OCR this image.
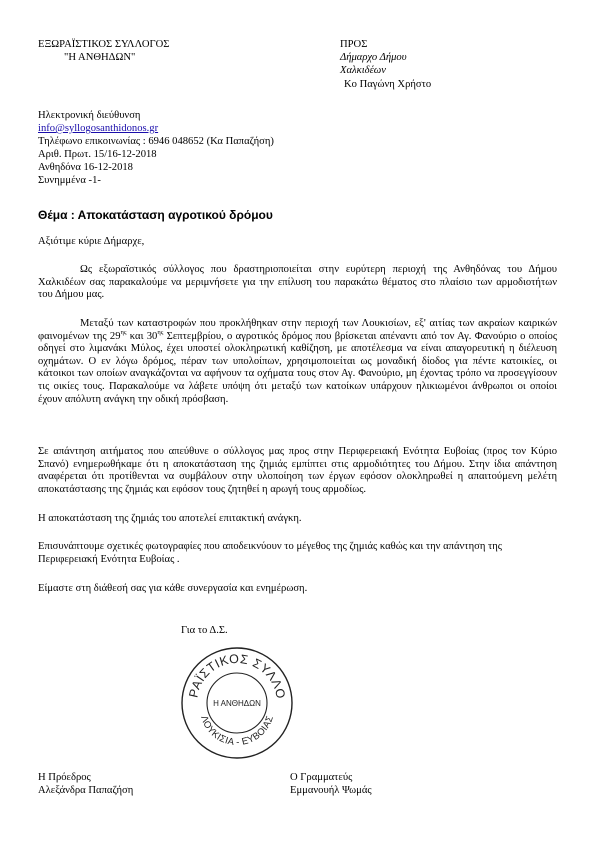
ΕΞΩΡΑΪΣΤΙΚΟΣ ΣΥΛΛΟΓΟΣ
"Η ΑΝΘΗΔΩΝ"
ΠΡΟΣ
Δήμαρχο Δήμου
Χαλκιδέων
Κο Παγώνη Χρήστο
Ηλεκτρονική διεύθυνση
info@syllogosanthidonos.gr
Τηλέφωνο επικοινωνίας : 6946 048652 (Κα Παπαζήση)
Αριθ. Πρωτ. 15/16-12-2018
Ανθηδόνα 16-12-2018
Συνημμένα -1-
Θέμα : Αποκατάσταση αγροτικού δρόμου
Αξιότιμε κύριε Δήμαρχε,
Ως εξωραϊστικός σύλλογος που δραστηριοποιείται στην ευρύτερη περιοχή της Ανθηδόνας του Δήμου Χαλκιδέων σας παρακαλούμε να μεριμνήσετε για την επίλυση του παρακάτω θέματος στο πλαίσιο των αρμοδιοτήτων του Δήμου μας.
Μεταξύ των καταστροφών που προκλήθηκαν στην περιοχή των Λουκισίων, εξ' αιτίας των ακραίων καιρικών φαινομένων της $29^{\eta\varsigma}$ και $30^{\eta\varsigma}$ Σεπτεμβρίου, ο αγροτικός δρόμος που βρίσκεται απέναντι από τον Αγ. Φανούριο ο οποίος οδηγεί στο λιμανάκι Μύλος, έχει υποστεί ολοκληρωτική καθίζηση, με αποτέλεσμα να είναι απαγορευτική η διέλευση οχημάτων. Ο εν λόγω δρόμος, πέραν των υπολοίπων, χρησιμοποιείται ως μοναδική δίοδος για πέντε κατοικίες, οι κάτοικοι των οποίων αναγκάζονται να αφήνουν τα οχήματα τους στον Αγ. Φανούριο, μη έχοντας τρόπο να προσεγγίσουν τις οικίες τους. Παρακαλούμε να λάβετε υπόψη ότι μεταξύ των κατοίκων υπάρχουν ηλικιωμένοι άνθρωποι οι οποίοι έχουν απόλυτη ανάγκη την οδική πρόσβαση.
Σε απάντηση αιτήματος που απεύθυνε ο σύλλογος μας προς στην Περιφερειακή Ενότητα Ευβοίας (προς τον Κύριο Σπανό) ενημερωθήκαμε ότι η αποκατάσταση της ζημιάς εμπίπτει στις αρμοδιότητες του Δήμου. Στην ίδια απάντηση αναφέρεται ότι προτίθενται να συμβάλουν στην υλοποίηση των έργων εφόσον ολοκληρωθεί η απαιτούμενη μελέτη αποκατάστασης της ζημιάς και εφόσον τους ζητηθεί η αρωγή τους αρμοδίως.
Η αποκατάσταση της ζημιάς του αποτελεί επιτακτική ανάγκη.
Επισυνάπτουμε σχετικές φωτογραφίες που αποδεικνύουν το μέγεθος της ζημιάς καθώς και την απάντηση της Περιφερειακή Ενότητα Ευβοίας .
Είμαστε στη διάθεσή σας για κάθε συνεργασία και ενημέρωση.
Για το Δ.Σ.
ΡΑΪΣΤΙΚΟΣ ΣΥΛΛΟ
Η ΑΝΘΗΔΩΝ
ΛΟΥΚΙΣΙΑ - ΕΥΒΟΙΑΣ
Η Πρόεδρος
Αλεξάνδρα Παπαζήση
Ο Γραμματεύς
Εμμανουήλ Ψωμάς
